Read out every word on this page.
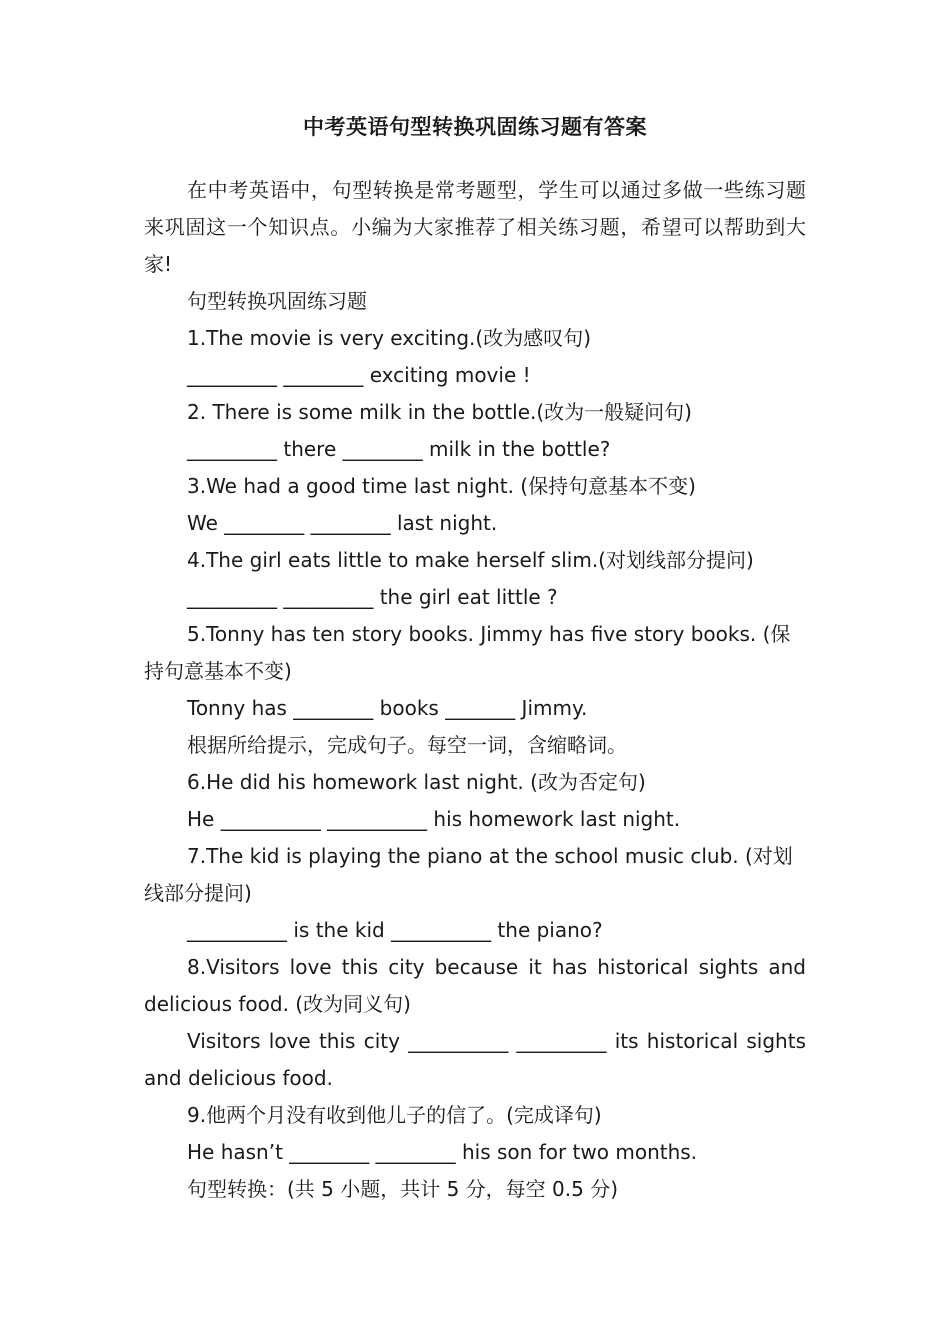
中考英语句型转换巩固练习题有答案

在中考英语中，句型转换是常考题型，学生可以通过多做一些练习题来巩固这一个知识点。小编为大家推荐了相关练习题，希望可以帮助到大家!

句型转换巩固练习题

1.The movie is very exciting.(改为感叹句)

_________ ________ exciting movie !

2. There is some milk in the bottle.(改为一般疑问句)

_________ there ________ milk in the bottle?

3.We had a good time last night. (保持句意基本不变)

We ________ ________ last night.

4.The girl eats little to make herself slim.(对划线部分提问)

_________ _________ the girl eat little ?

5.Tonny has ten story books. Jimmy has five story books. (保持句意基本不变)

Tonny has ________ books _______ Jimmy.

根据所给提示，完成句子。每空一词，含缩略词。

6.He did his homework last night. (改为否定句)

He __________ __________ his homework last night.

7.The kid is playing the piano at the school music club. (对划线部分提问)

__________ is the kid __________ the piano?

8.Visitors love this city because it has historical sights and delicious food. (改为同义句)

Visitors love this city __________ _________ its historical sights and delicious food.

9.他两个月没有收到他儿子的信了。(完成译句)

He hasn’t ________ ________ his son for two months.

句型转换：(共 5 小题，共计 5 分，每空 0.5 分)
